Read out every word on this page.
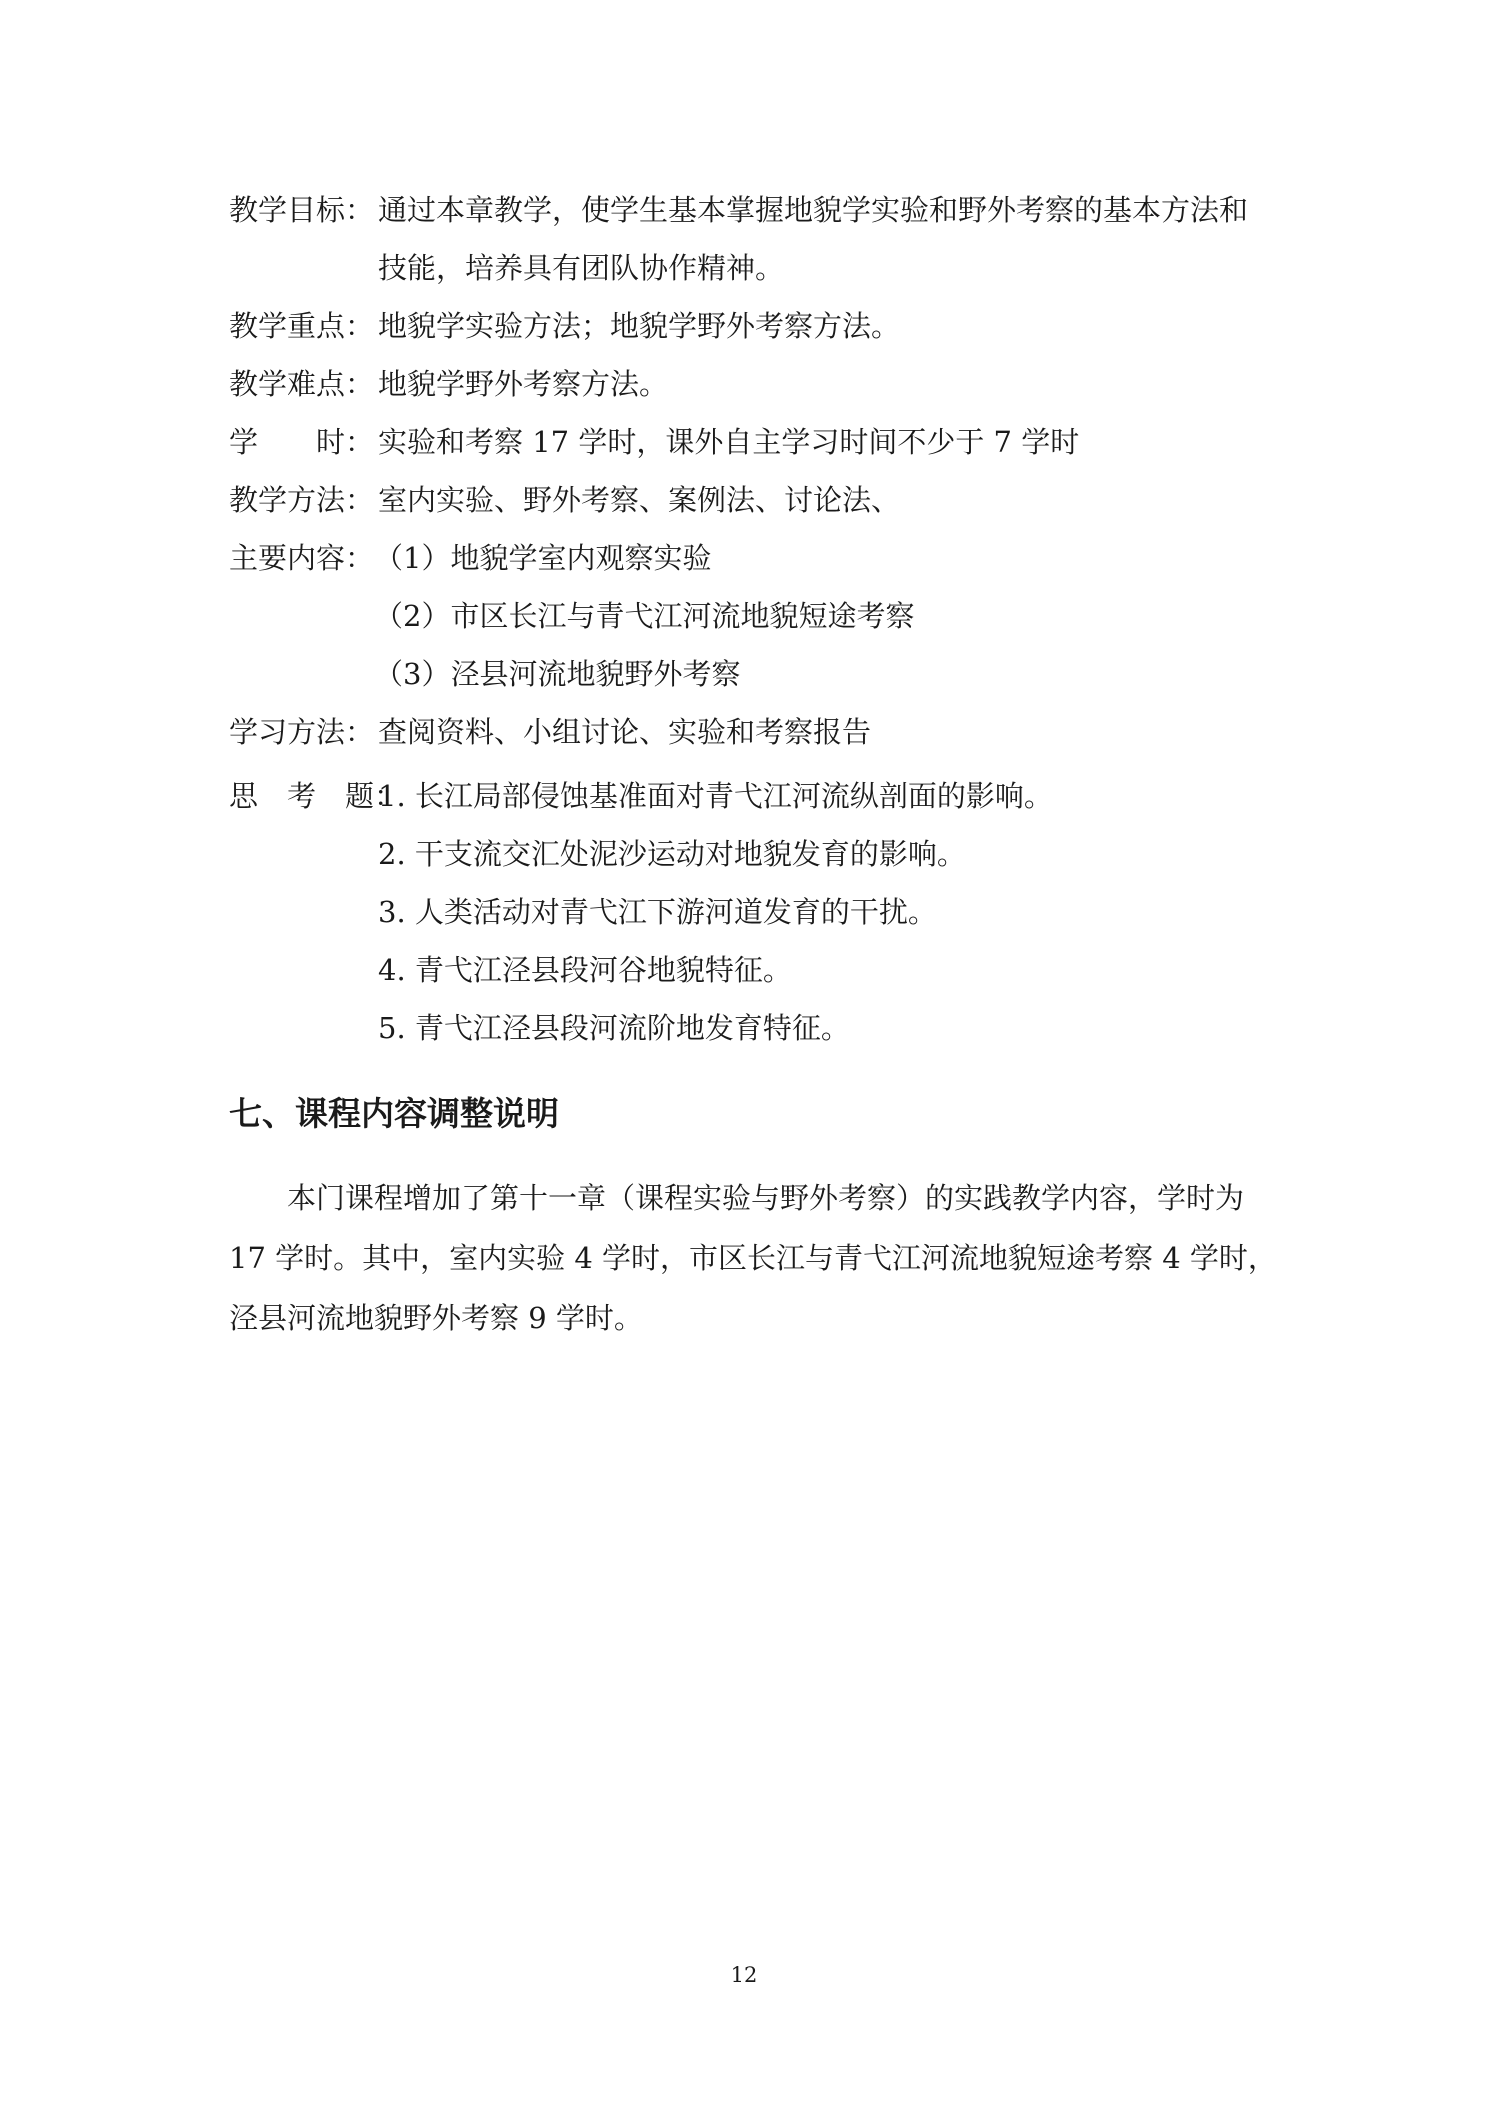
教学目标： 通过本章教学，使学生基本掌握地貌学实验和野外考察的基本方法和
技能，培养具有团队协作精神。
教学重点： 地貌学实验方法；地貌学野外考察方法。
教学难点： 地貌学野外考察方法。
学　　时： 实验和考察 17 学时，课外自主学习时间不少于 7 学时
教学方法： 室内实验、野外考察、案例法、讨论法、
主要内容： （1）地貌学室内观察实验
（2）市区长江与青弋江河流地貌短途考察
（3）泾县河流地貌野外考察
学习方法： 查阅资料、小组讨论、实验和考察报告
思　考　题：
1. 长江局部侵蚀基准面对青弋江河流纵剖面的影响。
2. 干支流交汇处泥沙运动对地貌发育的影响。
3. 人类活动对青弋江下游河道发育的干扰。
4. 青弋江泾县段河谷地貌特征。
5. 青弋江泾县段河流阶地发育特征。
七、课程内容调整说明
本门课程增加了第十一章（课程实验与野外考察）的实践教学内容，学时为
17 学时。其中，室内实验 4 学时，市区长江与青弋江河流地貌短途考察 4 学时，
泾县河流地貌野外考察 9 学时。
12
